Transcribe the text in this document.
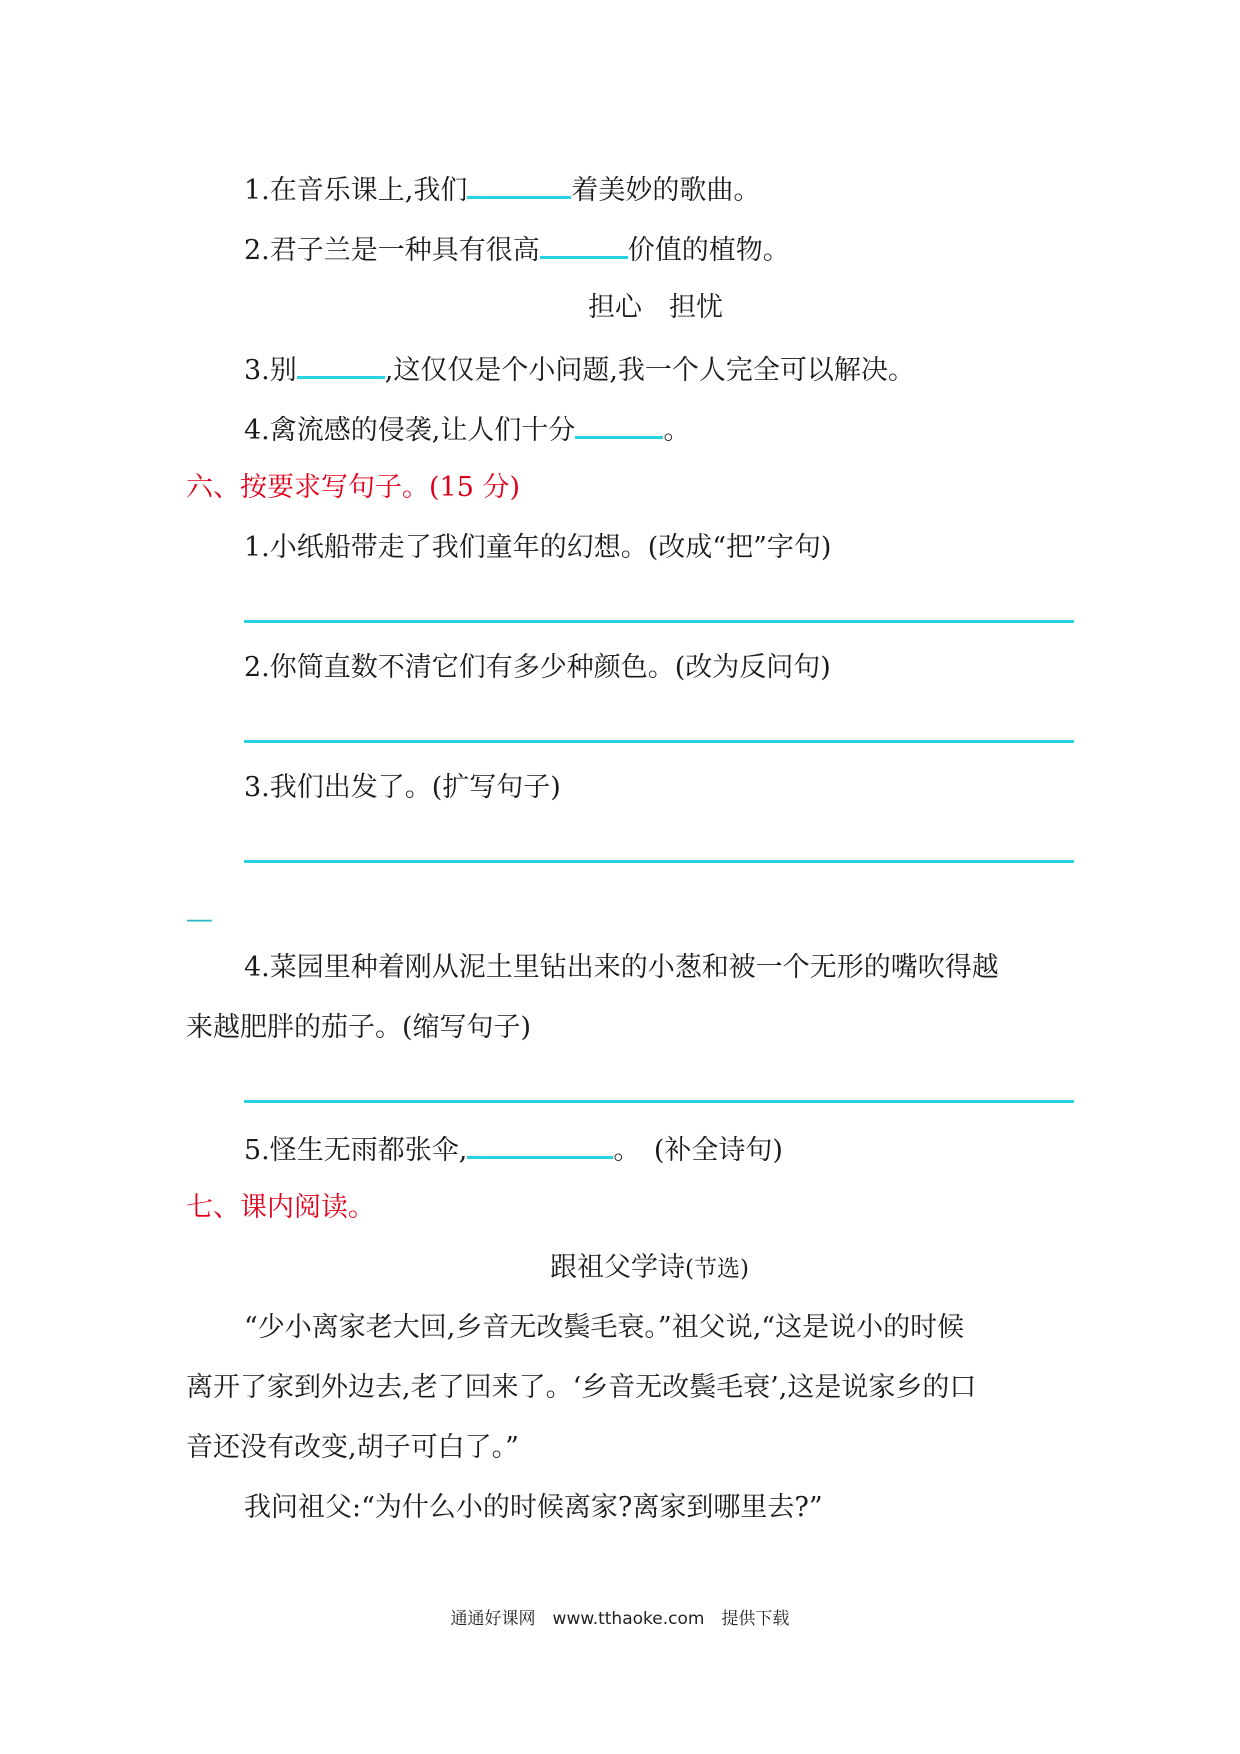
1.在音乐课上,我们	着美妙的歌曲。
2.君子兰是一种具有很高	价值的植物。
担心　担忧
3.别	,这仅仅是个小问题,我一个人完全可以解决。
4.禽流感的侵袭,让人们十分	。
六、按要求写句子。(15 分)
1.小纸船带走了我们童年的幻想。(改成“把”字句)
2.你简直数不清它们有多少种颜色。(改为反问句)
3.我们出发了。(扩写句子)
—
4.菜园里种着刚从泥土里钻出来的小葱和被一个无形的嘴吹得越
来越肥胖的茄子。(缩写句子)
5.怪生无雨都张伞,	。　(补全诗句)
七、课内阅读。
跟祖父学诗(节选)
“少小离家老大回,乡音无改鬓毛衰。”祖父说,“这是说小的时候
离开了家到外边去,老了回来了。‘乡音无改鬓毛衰’,这是说家乡的口
音还没有改变,胡子可白了。”
我问祖父:“为什么小的时候离家?离家到哪里去?”
通通好课网　www.tthaoke.com　提供下载
